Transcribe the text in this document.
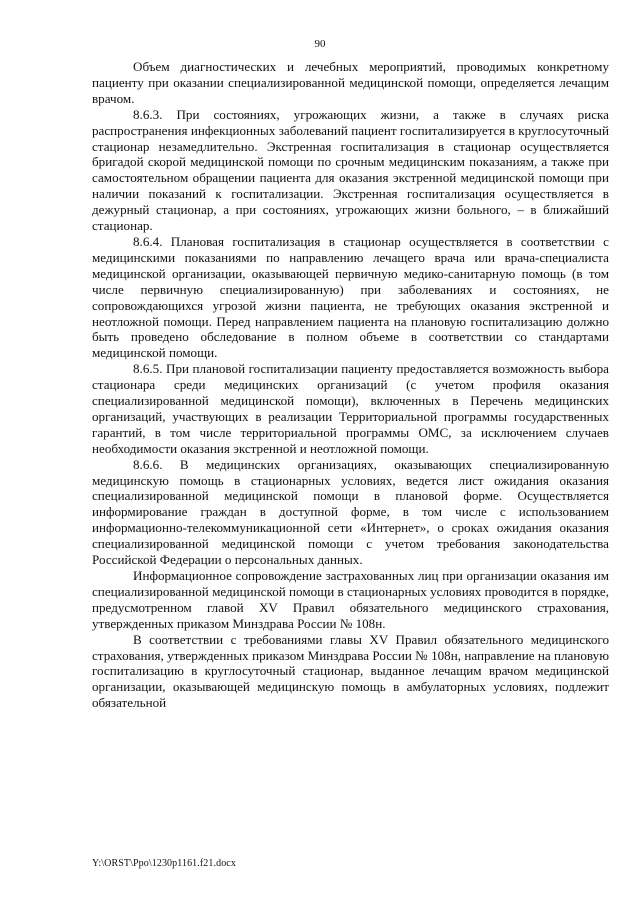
90

Объем диагностических и лечебных мероприятий, проводимых конкретному пациенту при оказании специализированной медицинской помощи, определяется лечащим врачом.

8.6.3. При состояниях, угрожающих жизни, а также в случаях риска распространения инфекционных заболеваний пациент госпитализируется в круглосуточный стационар незамедлительно. Экстренная госпитализация в стационар осуществляется бригадой скорой медицинской помощи по срочным медицинским показаниям, а также при самостоятельном обращении пациента для оказания экстренной медицинской помощи при наличии показаний к госпитализации. Экстренная госпитализация осуществляется в дежурный стационар, а при состояниях, угрожающих жизни больного, – в ближайший стационар.

8.6.4. Плановая госпитализация в стационар осуществляется в соответствии с медицинскими показаниями по направлению лечащего врача или врача-специалиста медицинской организации, оказывающей первичную медико-санитарную помощь (в том числе первичную специализированную) при заболеваниях и состояниях, не сопровождающихся угрозой жизни пациента, не требующих оказания экстренной и неотложной помощи. Перед направлением пациента на плановую госпитализацию должно быть проведено обследование в полном объеме в соответствии со стандартами медицинской помощи.

8.6.5. При плановой госпитализации пациенту предоставляется возможность выбора стационара среди медицинских организаций (с учетом профиля оказания специализированной медицинской помощи), включенных в Перечень медицинских организаций, участвующих в реализации Территориальной программы государственных гарантий, в том числе территориальной программы ОМС, за исключением случаев необходимости оказания экстренной и неотложной помощи.

8.6.6. В медицинских организациях, оказывающих специализированную медицинскую помощь в стационарных условиях, ведется лист ожидания оказания специализированной медицинской помощи в плановой форме. Осуществляется информирование граждан в доступной форме, в том числе с использованием информационно-телекоммуникационной сети «Интернет», о сроках ожидания оказания специализированной медицинской помощи с учетом требования законодательства Российской Федерации о персональных данных.

Информационное сопровождение застрахованных лиц при организации оказания им специализированной медицинской помощи в стационарных условиях проводится в порядке, предусмотренном главой XV Правил обязательного медицинского страхования, утвержденных приказом Минздрава России № 108н.

В соответствии с требованиями главы XV Правил обязательного медицинского страхования, утвержденных приказом Минздрава России № 108н, направление на плановую госпитализацию в круглосуточный стационар, выданное лечащим врачом медицинской организации, оказывающей медицинскую помощь в амбулаторных условиях, подлежит обязательной

Y:\ORST\Ppo\1230p1161.f21.docx
